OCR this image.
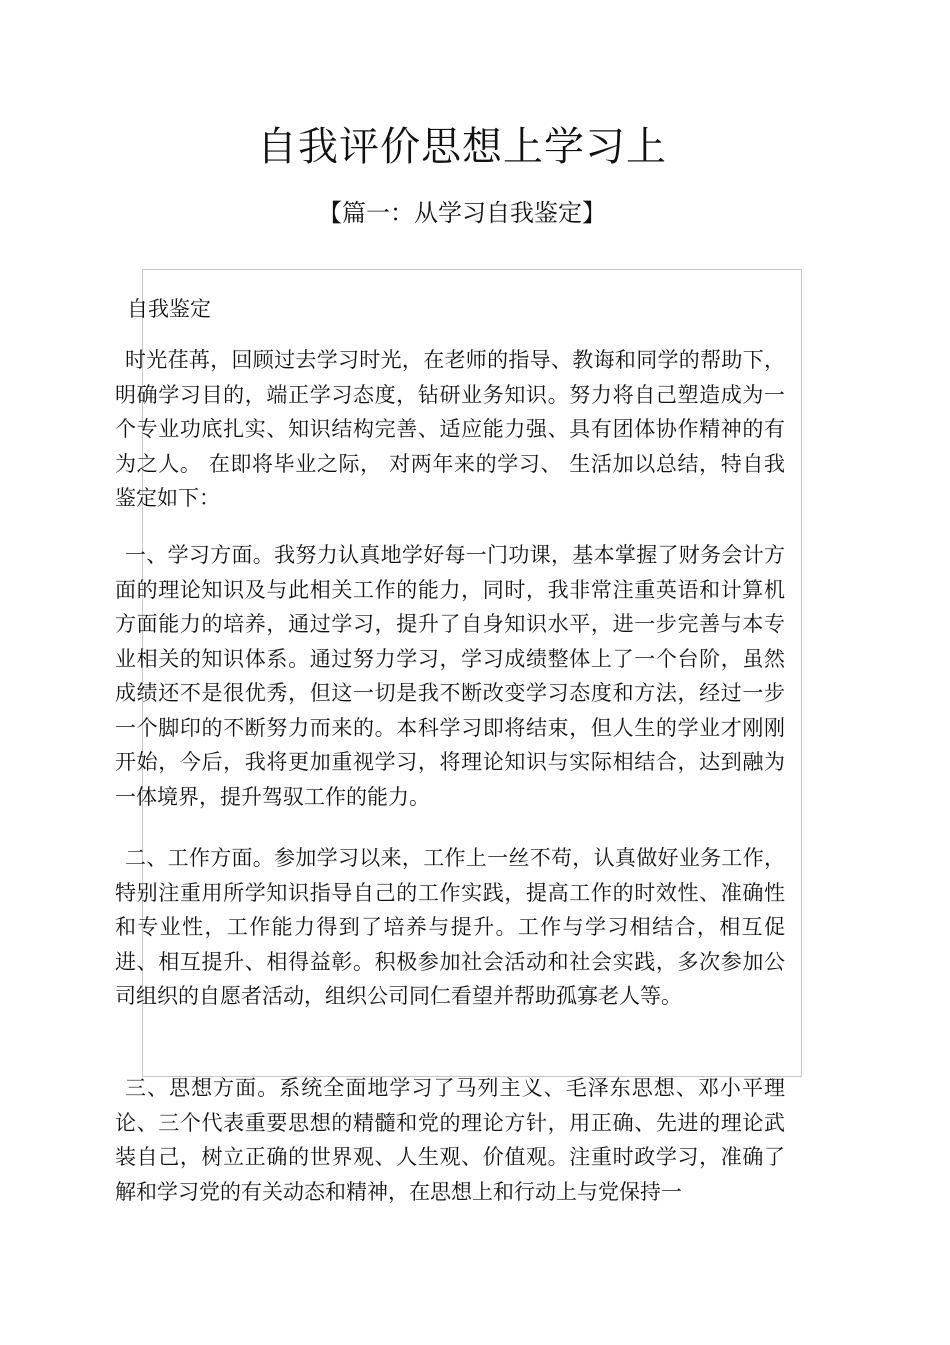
自我评价思想上学习上
【篇一：从学习自我鉴定】
自我鉴定

时光荏苒，回顾过去学习时光，在老师的指导、教诲和同学的帮助下，明确学习目的，端正学习态度，钻研业务知识。努力将自己塑造成为一个专业功底扎实、知识结构完善、适应能力强、具有团体协作精神的有为之人。 在即将毕业之际， 对两年来的学习、 生活加以总结，特自我鉴定如下：

一、学习方面。我努力认真地学好每一门功课，基本掌握了财务会计方面的理论知识及与此相关工作的能力，同时，我非常注重英语和计算机方面能力的培养，通过学习，提升了自身知识水平，进一步完善与本专业相关的知识体系。通过努力学习，学习成绩整体上了一个台阶，虽然成绩还不是很优秀，但这一切是我不断改变学习态度和方法，经过一步一个脚印的不断努力而来的。本科学习即将结束，但人生的学业才刚刚开始，今后，我将更加重视学习，将理论知识与实际相结合，达到融为一体境界，提升驾驭工作的能力。

二、工作方面。参加学习以来，工作上一丝不苟，认真做好业务工作，特别注重用所学知识指导自己的工作实践，提高工作的时效性、准确性和专业性，工作能力得到了培养与提升。工作与学习相结合，相互促进、相互提升、相得益彰。积极参加社会活动和社会实践，多次参加公司组织的自愿者活动，组织公司同仁看望并帮助孤寡老人等。

三、思想方面。系统全面地学习了马列主义、毛泽东思想、邓小平理论、三个代表重要思想的精髓和党的理论方针，用正确、先进的理论武装自己，树立正确的世界观、人生观、价值观。注重时政学习，准确了解和学习党的有关动态和精神，在思想上和行动上与党保持一
